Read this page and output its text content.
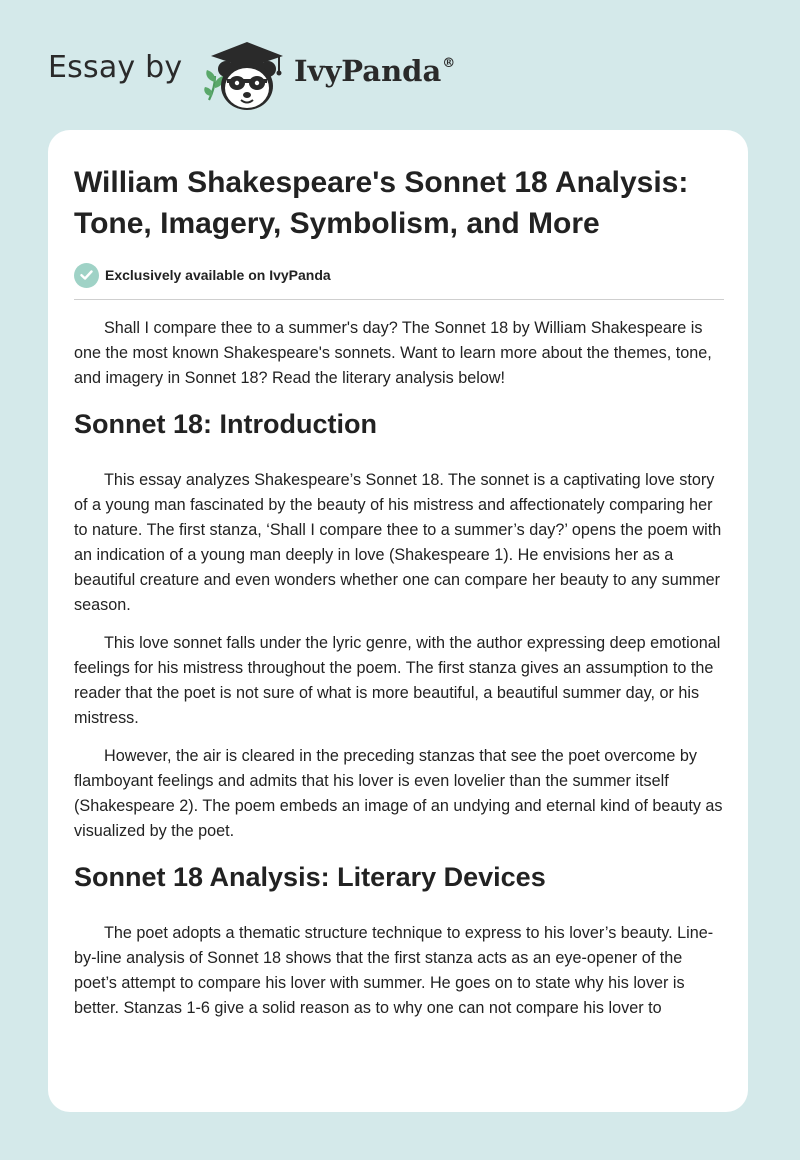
Essay by	IvyPanda®
William Shakespeare's Sonnet 18 Analysis: Tone, Imagery, Symbolism, and More
Exclusively available on IvyPanda

Shall I compare thee to a summer's day? The Sonnet 18 by William Shakespeare is one the most known Shakespeare's sonnets. Want to learn more about the themes, tone, and imagery in Sonnet 18? Read the literary analysis below!

Sonnet 18: Introduction

This essay analyzes Shakespeare’s Sonnet 18. The sonnet is a captivating love story of a young man fascinated by the beauty of his mistress and affectionately comparing her to nature. The first stanza, ‘Shall I compare thee to a summer’s day?’ opens the poem with an indication of a young man deeply in love (Shakespeare 1). He envisions her as a beautiful creature and even wonders whether one can compare her beauty to any summer season.

This love sonnet falls under the lyric genre, with the author expressing deep emotional feelings for his mistress throughout the poem. The first stanza gives an assumption to the reader that the poet is not sure of what is more beautiful, a beautiful summer day, or his mistress.

However, the air is cleared in the preceding stanzas that see the poet overcome by flamboyant feelings and admits that his lover is even lovelier than the summer itself (Shakespeare 2). The poem embeds an image of an undying and eternal kind of beauty as visualized by the poet.

Sonnet 18 Analysis: Literary Devices

The poet adopts a thematic structure technique to express to his lover’s beauty. Line-by-line analysis of Sonnet 18 shows that the first stanza acts as an eye-opener of the poet’s attempt to compare his lover with summer. He goes on to state why his lover is better. Stanzas 1-6 give a solid reason as to why one can not compare his lover to
